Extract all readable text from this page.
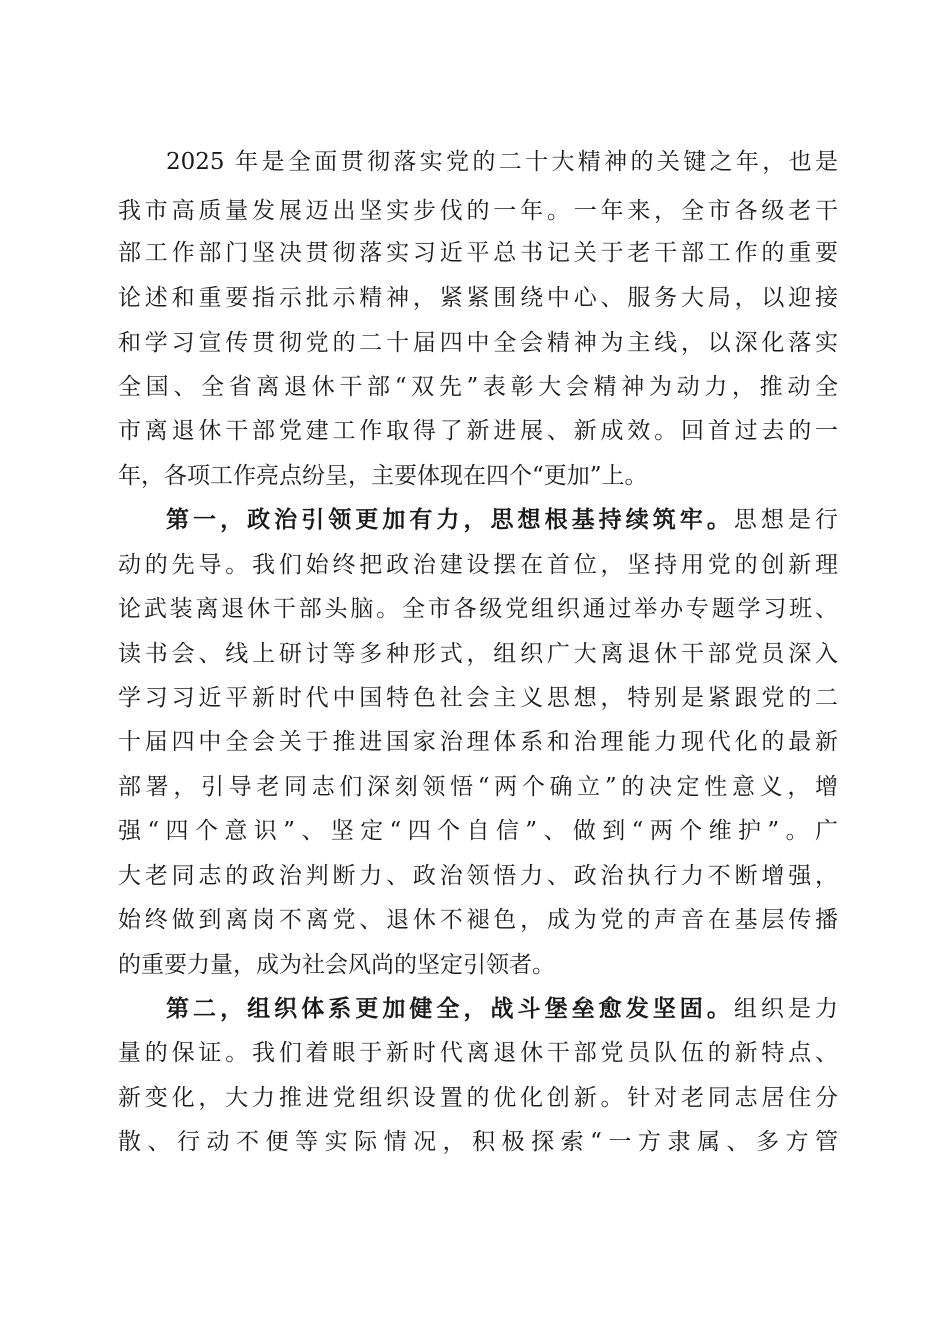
2025 年是全面贯彻落实党的二十大精神的关键之年，也是
我市高质量发展迈出坚实步伐的一年。一年来，全市各级老干
部工作部门坚决贯彻落实习近平总书记关于老干部工作的重要
论述和重要指示批示精神，紧紧围绕中心、服务大局，以迎接
和学习宣传贯彻党的二十届四中全会精神为主线，以深化落实
全国、全省离退休干部“双先”表彰大会精神为动力，推动全
市离退休干部党建工作取得了新进展、新成效。回首过去的一
年，各项工作亮点纷呈，主要体现在四个“更加”上。
第一，政治引领更加有力，思想根基持续筑牢。思想是行
动的先导。我们始终把政治建设摆在首位，坚持用党的创新理
论武装离退休干部头脑。全市各级党组织通过举办专题学习班、
读书会、线上研讨等多种形式，组织广大离退休干部党员深入
学习习近平新时代中国特色社会主义思想，特别是紧跟党的二
十届四中全会关于推进国家治理体系和治理能力现代化的最新
部署，引导老同志们深刻领悟“两个确立”的决定性意义，增
强“四个意识”、坚定“四个自信”、做到“两个维护”。广
大老同志的政治判断力、政治领悟力、政治执行力不断增强，
始终做到离岗不离党、退休不褪色，成为党的声音在基层传播
的重要力量，成为社会风尚的坚定引领者。
第二，组织体系更加健全，战斗堡垒愈发坚固。组织是力
量的保证。我们着眼于新时代离退休干部党员队伍的新特点、
新变化，大力推进党组织设置的优化创新。针对老同志居住分
散、行动不便等实际情况，积极探索“一方隶属、多方管
